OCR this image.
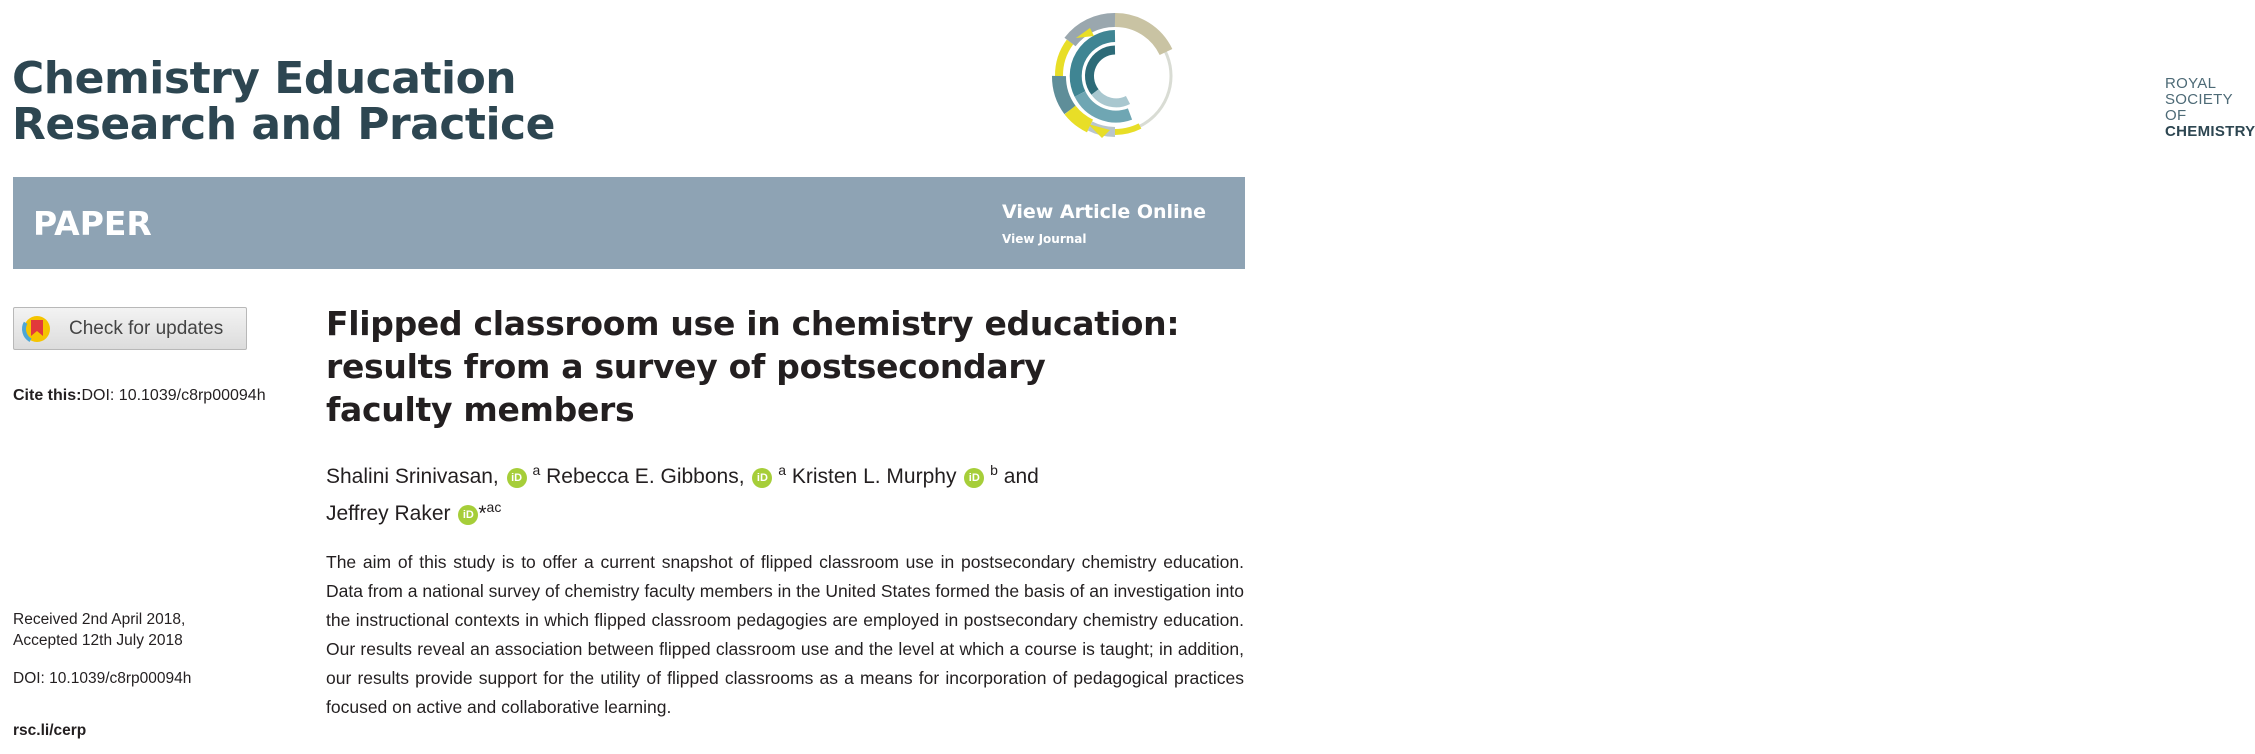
Chemistry Education
Research and Practice
ROYAL SOCIETY
OF CHEMISTRY
PAPER	View Article Online
View Journal
Check for updates
Cite this:DOI: 10.1039/c8rp00094h
Received 2nd April 2018,
Accepted 12th July 2018
DOI: 10.1039/c8rp00094h
rsc.li/cerp
Flipped classroom use in chemistry education:
results from a survey of postsecondary
faculty members
Shalini Srinivasan, iD $^a$ Rebecca E. Gibbons, iD $^a$ Kristen L. Murphy iD $^b$ and
Jeffrey Raker iD *$^{ac}$

The aim of this study is to offer a current snapshot of flipped classroom use in postsecondary chemistry education. Data from a national survey of chemistry faculty members in the United States formed the basis of an investigation into the instructional contexts in which flipped classroom pedagogies are employed in postsecondary chemistry education. Our results reveal an association between flipped classroom use and the level at which a course is taught; in addition, our results provide support for the utility of flipped classrooms as a means for incorporation of pedagogical practices focused on active and collaborative learning.
